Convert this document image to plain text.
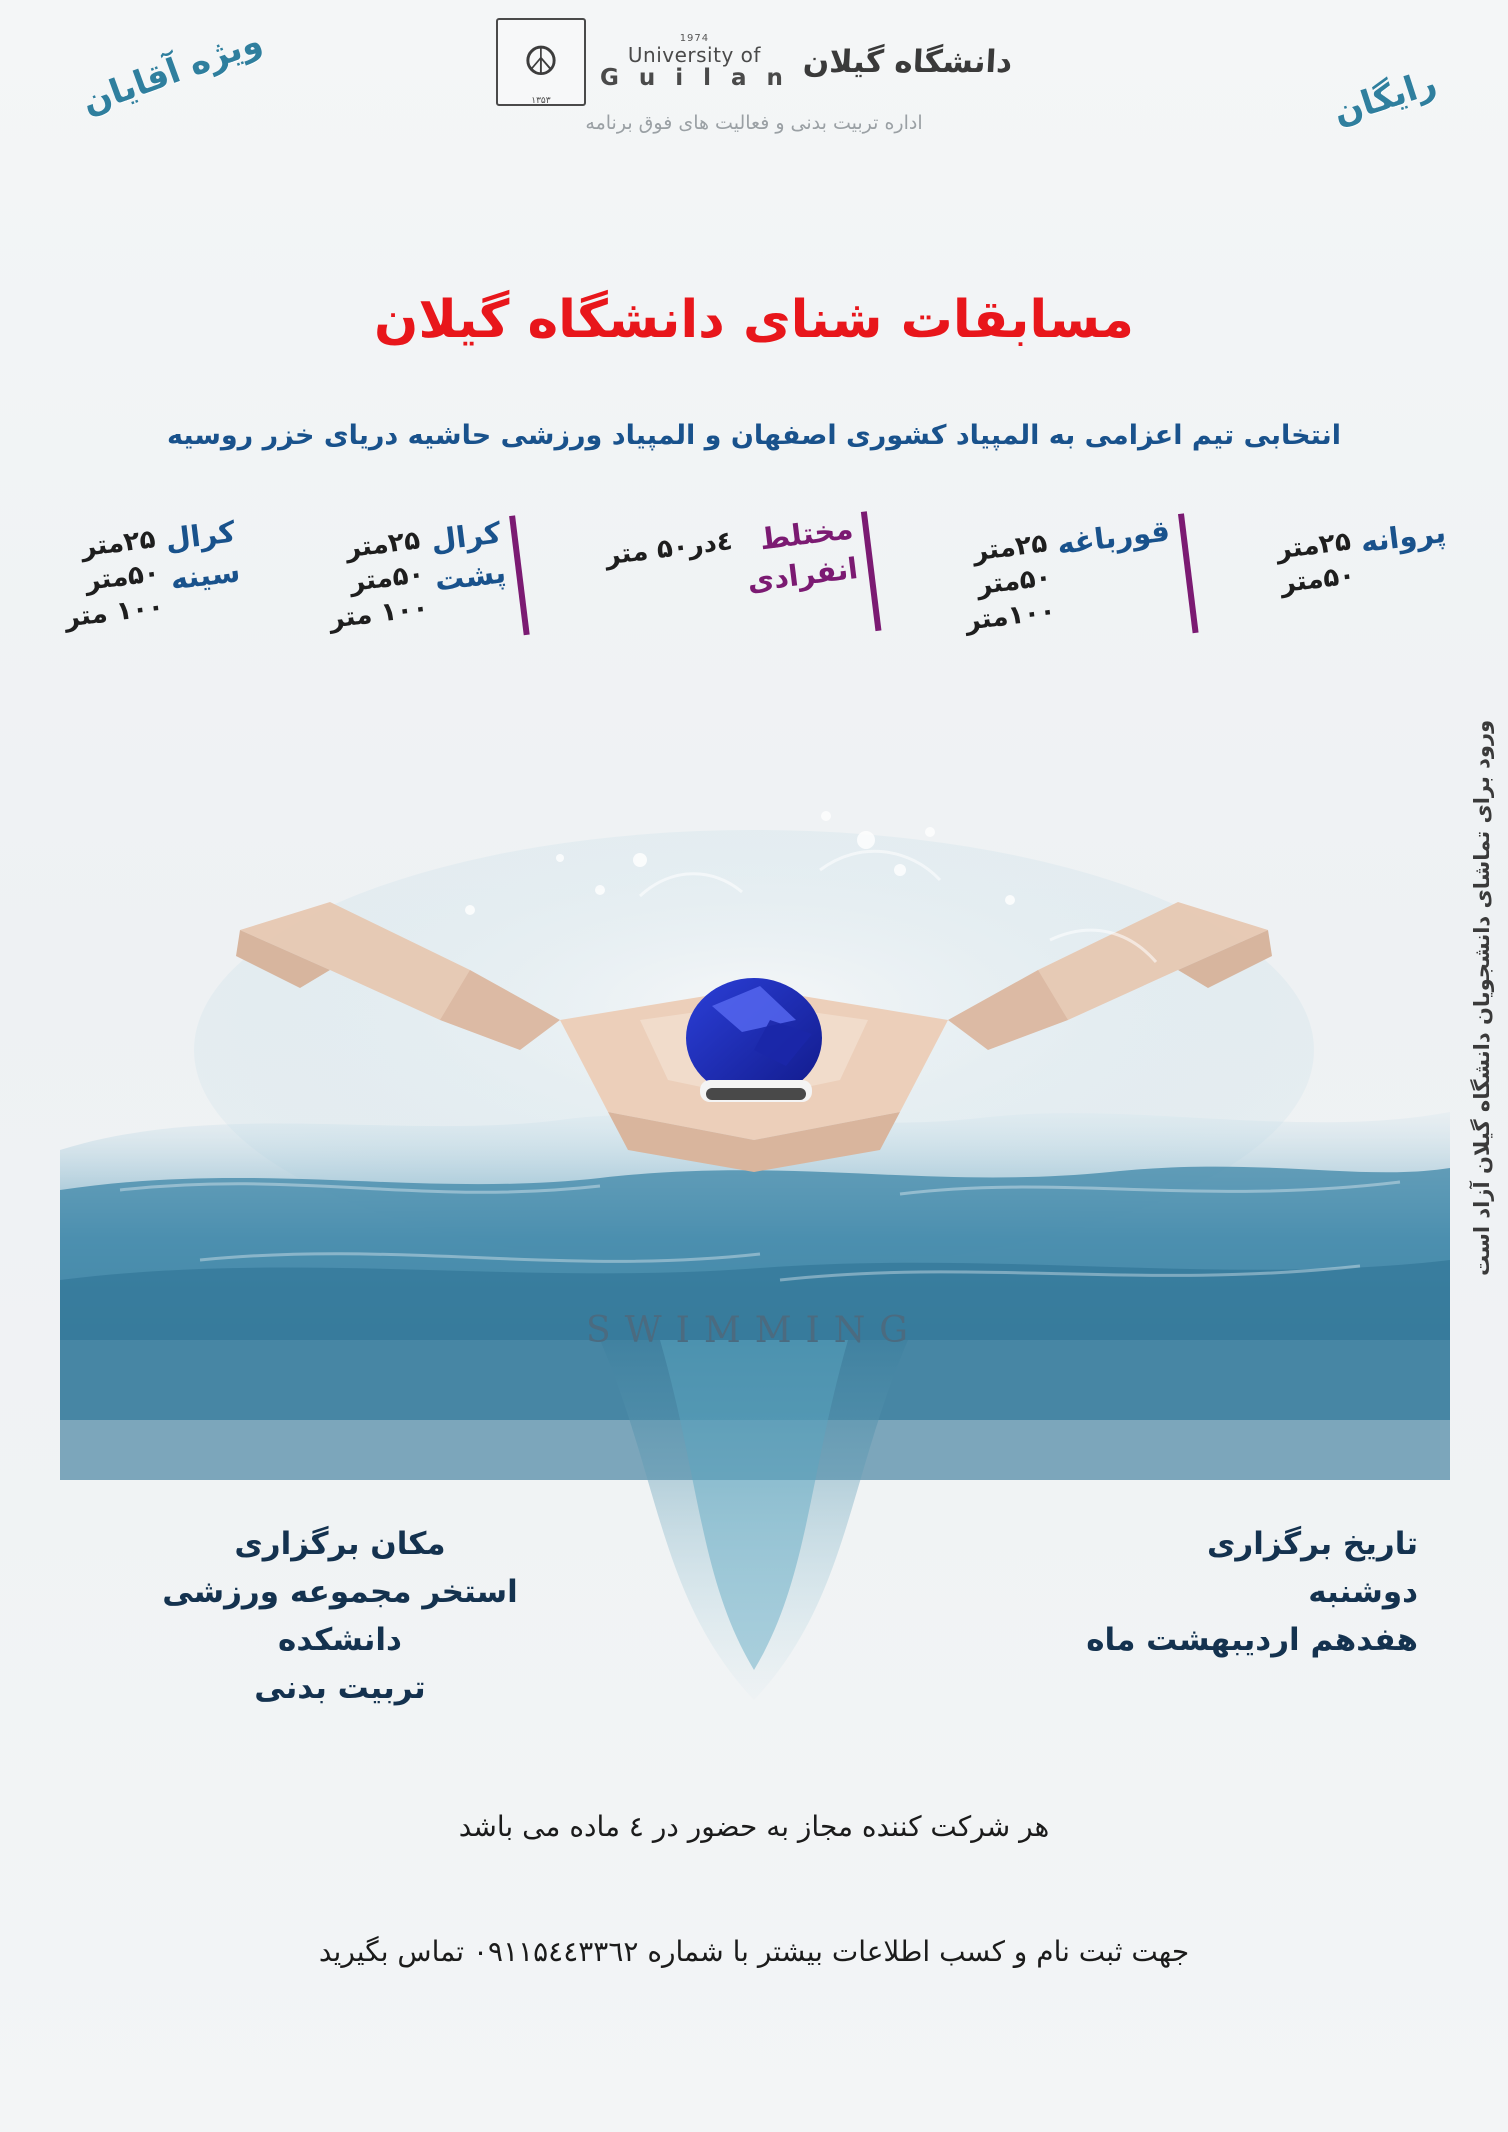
ویژه آقایان	رایگان
دانشگاه گیلان
1974
University of
G u i l a n
☮
۱۳۵۳
اداره تربیت بدنی و فعالیت های فوق برنامه
مسابقات شنای دانشگاه گیلان
انتخابی تیم اعزامی به المپیاد کشوری اصفهان و المپیاد ورزشی حاشیه دریای خزر روسیه
کرال
سینه
۲۵متر
۵۰متر
۱۰۰ متر
کرال
پشت
۲۵متر
۵۰متر
۱۰۰ متر
مختلط
انفرادی
٤در۵۰ متر	قورباغه
۲۵متر
۵۰متر
۱۰۰متر
پروانه
۲۵متر
۵۰متر
ورود برای تماشای دانشجویان دانشگاه گیلان آزاد است
SWIMMING
تاریخ برگزاری
دوشنبه
هفدهم اردیبهشت ماه
مکان برگزاری
استخر مجموعه ورزشی دانشکده
تربیت بدنی
هر شرکت کننده مجاز به حضور در ٤ ماده می باشد
جهت ثبت نام و کسب اطلاعات بیشتر با شماره ۰۹۱۱۵٤٤۳۳٦۲ تماس بگیرید
